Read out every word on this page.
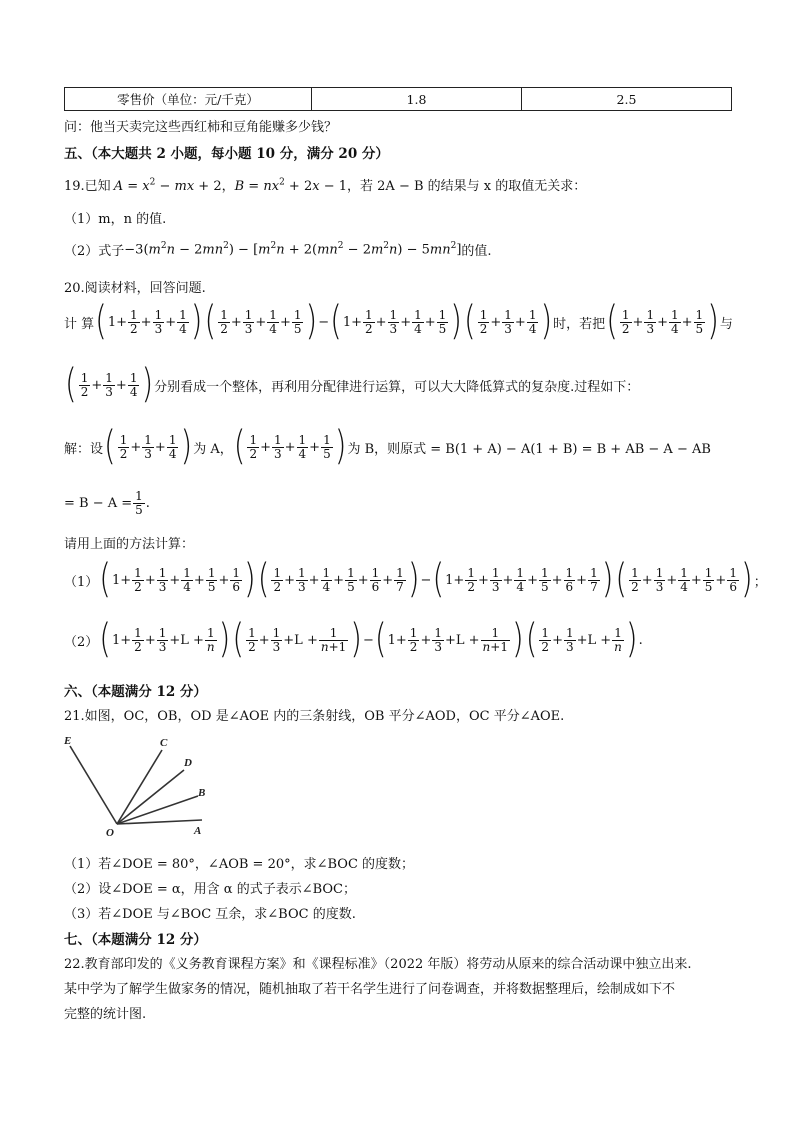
零售价（单位：元/千克）	1.8	2.5
问：他当天卖完这些西红柿和豆角能赚多少钱？
五、（本大题共 2 小题，每小题 10 分，满分 20 分）
19.已知 $A = x^2$ − mx + 2，$B = nx^2 + 2x - 1$ ，若 2A − B 的结果与 x 的取值无关求：
（1）m，n 的值.
（2）式子 $-3(m^2n - 2mn^2) - [m^2n + 2(mn^2 - 2m^2n) - 5mn^2]$ 的值.
20.阅读材料，回答问题.
计 算 ( $1+ \frac{1}{2} + \frac{1}{3} + \frac{1}{4}$ ) ( $\frac{1}{2} + \frac{1}{3} + \frac{1}{4} + \frac{1}{5}$ ) − ( $1+ \frac{1}{2} + \frac{1}{3} + \frac{1}{4} + \frac{1}{5}$ ) ( $\frac{1}{2} + \frac{1}{3} + \frac{1}{4}$ ) 时，若把 ( $\frac{1}{2} + \frac{1}{3} + \frac{1}{4} + \frac{1}{5}$ ) 与
( $\frac{1}{2} + \frac{1}{3} + \frac{1}{4}$ ) 分别看成一个整体，再利用分配律进行运算，可以大大降低算式的复杂度.过程如下：
解：设 ( $\frac{1}{2} + \frac{1}{3} + \frac{1}{4}$ ) 为 A， ( $\frac{1}{2} + \frac{1}{3} + \frac{1}{4} + \frac{1}{5}$ ) 为 B，则原式 = B(1 + A) − A(1 + B) = B + AB − A − AB
= $B - A = \frac{1}{5}$ .
请用上面的方法计算：
（1） ( $1+ \frac{1}{2} + \frac{1}{3} + \frac{1}{4} + \frac{1}{5} + \frac{1}{6}$ ) ( $\frac{1}{2} + \frac{1}{3} + \frac{1}{4} + \frac{1}{5} + \frac{1}{6} + \frac{1}{7}$ ) − ( $1+ \frac{1}{2} + \frac{1}{3} + \frac{1}{4} + \frac{1}{5} + \frac{1}{6} + \frac{1}{7}$ ) ( $\frac{1}{2} + \frac{1}{3} + \frac{1}{4} + \frac{1}{5} + \frac{1}{6}$ ) ；
（2） ( $1+ \frac{1}{2} + \frac{1}{3} +L + \frac{1}{n}$ ) ( $\frac{1}{2} + \frac{1}{3} +L + \frac{1}{n+1}$ ) − ( $1+ \frac{1}{2} + \frac{1}{3} +L + \frac{1}{n+1}$ ) ( $\frac{1}{2} + \frac{1}{3} +L + \frac{1}{n}$ ) .
六、（本题满分 12 分）
21.如图，OC，OB，OD 是∠AOE 内的三条射线，OB 平分∠AOD，OC 平分∠AOE.
E	C
D
B
O	A
（1）若∠DOE = 80°，∠AOB = 20°，求∠BOC 的度数；
（2）设∠DOE = α，用含 α 的式子表示∠BOC；
（3）若∠DOE 与∠BOC 互余，求∠BOC 的度数.
七、（本题满分 12 分）
22.教育部印发的《义务教育课程方案》和《课程标准》（2022 年版）将劳动从原来的综合活动课中独立出来.
某中学为了解学生做家务的情况，随机抽取了若干名学生进行了问卷调查，并将数据整理后，绘制成如下不
完整的统计图.
